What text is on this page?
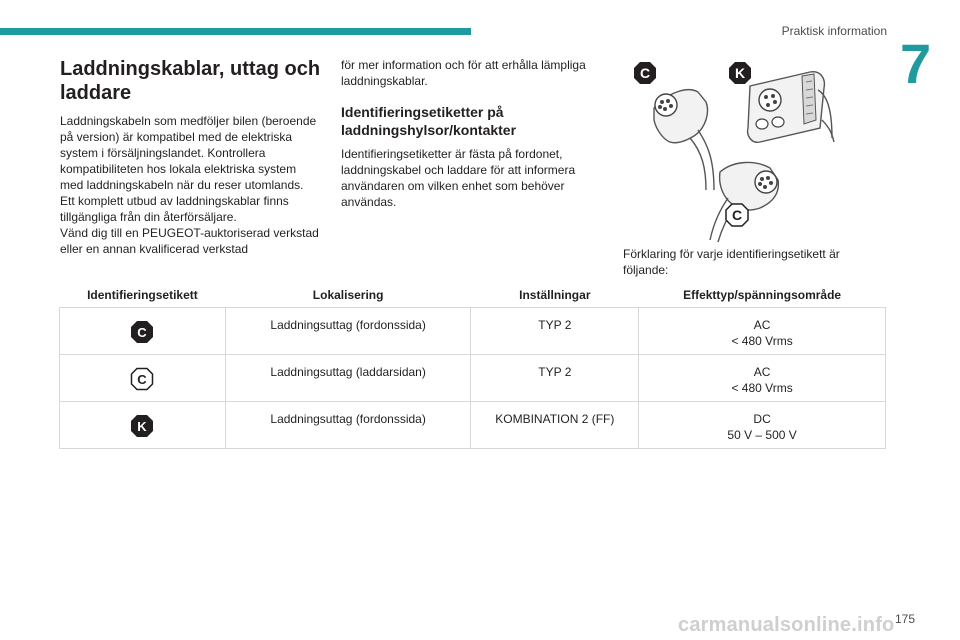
Praktisk information
7
Laddningskablar, uttag och laddare
Laddningskabeln som medföljer bilen (beroende på version) är kompatibel med de elektriska system i försäljningslandet. Kontrollera kompatibiliteten hos lokala elektriska system med laddningskabeln när du reser utomlands.
Ett komplett utbud av laddningskablar finns tillgängliga från din återförsäljare.
Vänd dig till en PEUGEOT-auktoriserad verkstad eller en annan kvalificerad verkstad
för mer information och för att erhålla lämpliga laddningskablar.
Identifieringsetiketter på laddningshylsor/kontakter
Identifieringsetiketter är fästa på fordonet, laddningskabel och laddare för att informera användaren om vilken enhet som behöver användas.
C	K
C
Förklaring för varje identifieringsetikett är följande:
Identifieringsetikett	Lokalisering	Inställningar	Effekttyp/spänningsområde

C	Laddningsuttag (fordonssida)	TYP 2	AC
< 480 Vrms

C	Laddningsuttag (laddarsidan)	TYP 2	AC
< 480 Vrms

K	Laddningsuttag (fordonssida)	KOMBINATION 2 (FF)	DC
50 V – 500 V
carmanualsonline.info 175
